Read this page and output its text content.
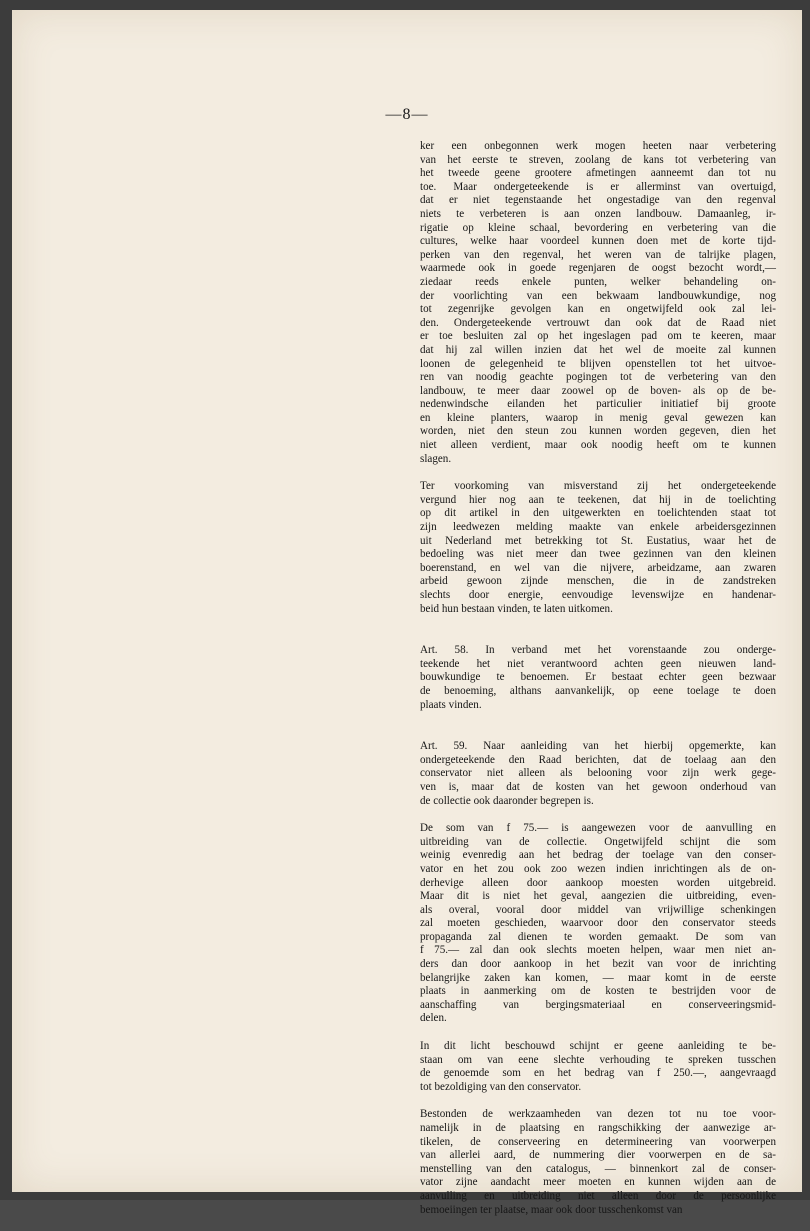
—8—

ker een onbegonnen werk mogen heeten naar verbetering
van het eerste te streven, zoolang de kans tot verbetering van
het tweede geene grootere afmetingen aanneemt dan tot nu
toe. Maar ondergeteekende is er allerminst van overtuigd,
dat er niet tegenstaande het ongestadige van den regenval
niets te verbeteren is aan onzen landbouw. Damaanleg, ir-
rigatie op kleine schaal, bevordering en verbetering van die
cultures, welke haar voordeel kunnen doen met de korte tijd-
perken van den regenval, het weren van de talrijke plagen,
waarmede ook in goede regenjaren de oogst bezocht wordt,—
ziedaar reeds enkele punten, welker behandeling on-
der voorlichting van een bekwaam landbouwkundige, nog
tot zegenrijke gevolgen kan en ongetwijfeld ook zal lei-
den. Ondergeteekende vertrouwt dan ook dat de Raad niet
er toe besluiten zal op het ingeslagen pad om te keeren, maar
dat hij zal willen inzien dat het wel de moeite zal kunnen
loonen de gelegenheid te blijven openstellen tot het uitvoe-
ren van noodig geachte pogingen tot de verbetering van den
landbouw, te meer daar zoowel op de boven- als op de be-
nedenwindsche eilanden het particulier initiatief bij groote
en kleine planters, waarop in menig geval gewezen kan
worden, niet den steun zou kunnen worden gegeven, dien het
niet alleen verdient, maar ook noodig heeft om te kunnen
slagen.

Ter voorkoming van misverstand zij het ondergeteekende
vergund hier nog aan te teekenen, dat hij in de toelichting
op dit artikel in den uitgewerkten en toelichtenden staat tot
zijn leedwezen melding maakte van enkele arbeidersgezinnen
uit Nederland met betrekking tot St. Eustatius, waar het de
bedoeling was niet meer dan twee gezinnen van den kleinen
boerenstand, en wel van die nijvere, arbeidzame, aan zwaren
arbeid gewoon zijnde menschen, die in de zandstreken
slechts door energie, eenvoudige levenswijze en handenar-
beid hun bestaan vinden, te laten uitkomen.

Art. 58. In verband met het vorenstaande zou onderge-
teekende het niet verantwoord achten geen nieuwen land-
bouwkundige te benoemen. Er bestaat echter geen bezwaar
de benoeming, althans aanvankelijk, op eene toelage te doen
plaats vinden.

Art. 59. Naar aanleiding van het hierbij opgemerkte, kan
ondergeteekende den Raad berichten, dat de toelaag aan den
conservator niet alleen als belooning voor zijn werk gege-
ven is, maar dat de kosten van het gewoon onderhoud van
de collectie ook daaronder begrepen is.

De som van f 75.— is aangewezen voor de aanvulling en
uitbreiding van de collectie. Ongetwijfeld schijnt die som
weinig evenredig aan het bedrag der toelage van den conser-
vator en het zou ook zoo wezen indien inrichtingen als de on-
derhevige alleen door aankoop moesten worden uitgebreid.
Maar dit is niet het geval, aangezien die uitbreiding, even-
als overal, vooral door middel van vrijwillige schenkingen
zal moeten geschieden, waarvoor door den conservator steeds
propaganda zal dienen te worden gemaakt. De som van
f 75.— zal dan ook slechts moeten helpen, waar men niet an-
ders dan door aankoop in het bezit van voor de inrichting
belangrijke zaken kan komen, — maar komt in de eerste
plaats in aanmerking om de kosten te bestrijden voor de
aanschaffing van bergingsmateriaal en conserveeringsmid-
delen.

In dit licht beschouwd schijnt er geene aanleiding te be-
staan om van eene slechte verhouding te spreken tusschen
de genoemde som en het bedrag van f 250.—, aangevraagd
tot bezoldiging van den conservator.

Bestonden de werkzaamheden van dezen tot nu toe voor-
namelijk in de plaatsing en rangschikking der aanwezige ar-
tikelen, de conserveering en determineering van voorwerpen
van allerlei aard, de nummering dier voorwerpen en de sa-
menstelling van den catalogus, — binnenkort zal de conser-
vator zijne aandacht meer moeten en kunnen wijden aan de
aanvulling en uitbreiding niet alleen door de persoonlijke
bemoeiingen ter plaatse, maar ook door tusschenkomst van
